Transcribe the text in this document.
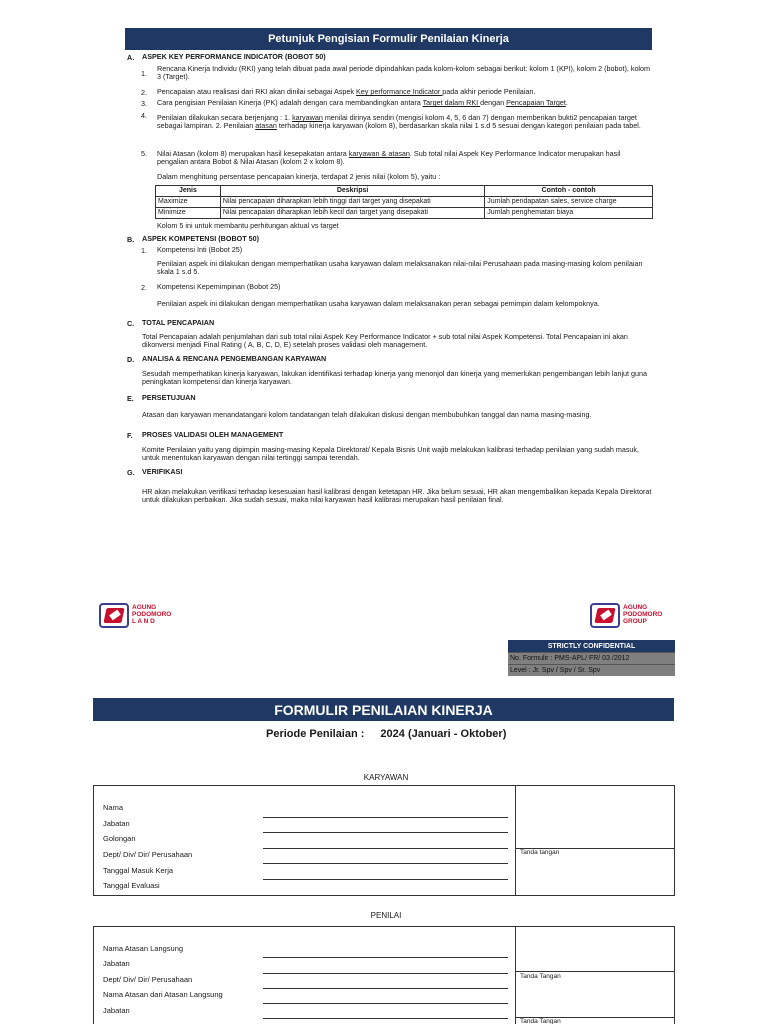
Petunjuk Pengisian Formulir Penilaian Kinerja
A. ASPEK KEY PERFORMANCE INDICATOR (BOBOT 50)
1.
Rencana Kinerja Individu (RKI) yang telah dibuat pada awal periode dipindahkan pada kolom-kolom sebagai berikut: kolom 1 (KPI), kolom 2 (bobot), kolom 3 (Target).
2. Pencapaian atau realisasi dari RKI akan dinilai sebagai Aspek Key performance Indicator pada akhir periode Penilaian.
3. Cara pengisian Penilaian Kinerja (PK) adalah dengan cara membandingkan antara Target dalam RKI dengan Pencapaian Target.
4. Penilaian dilakukan secara berjenjang : 1. karyawan menilai dirinya sendiri (mengisi kolom 4, 5, 6 dan 7) dengan memberikan bukti2 pencapaian target sebagai lampiran. 2. Penilaian atasan terhadap kinerja karyawan (kolom 8), berdasarkan skala nilai 1 s.d 5 sesuai dengan kategori penilaian pada tabel.
5. Nilai Atasan (kolom 8) merupakan hasil kesepakatan antara karyawan & atasan. Sub total nilai Aspek Key Performance Indicator merupakan hasil pengalian antara Bobot & Nilai Atasan (kolom 2 x kolom 8).
Dalam menghitung persentase pencapaian kinerja, terdapat 2 jenis nilai (kolom 5), yaitu :
Jenis	Deskripsi	Contoh - contoh
Maximize	Nilai pencapaian diharapkan lebih tinggi dari target yang disepakati	Jumlah pendapatan sales, service charge
Minimize	Nilai pencapaian diharapkan lebih kecil dari target yang disepakati	Jumlah penghematan biaya
Kolom 5 ini untuk membantu perhitungan aktual vs target
B. ASPEK KOMPETENSI (BOBOT 50)
1. Kompetensi Inti (Bobot 25)
Penilaian aspek ini dilakukan dengan memperhatikan usaha karyawan dalam melaksanakan nilai-nilai Perusahaan pada masing-masing kolom penilaian skala 1 s.d 5.
2. Kompetensi Kepemimpinan (Bobot 25)
Penilaian aspek ini dilakukan dengan memperhatikan usaha karyawan dalam melaksanakan peran sebagai pemimpin dalam kelompoknya.
C. TOTAL PENCAPAIAN
Total Pencapaian adalah penjumlahan dari sub total nilai Aspek Key Performance Indicator + sub total nilai Aspek Kompetensi. Total Pencapaian ini akan dikonversi menjadi Final Rating ( A, B, C, D, E) setelah proses validasi oleh management.
D. ANALISA & RENCANA PENGEMBANGAN KARYAWAN
Sesudah memperhatikan kinerja karyawan, lakukan identifikasi terhadap kinerja yang menonjol dan kinerja yang memerlukan pengembangan lebih lanjut guna peningkatan kompetensi dan kinerja karyawan.
E. PERSETUJUAN
Atasan dan karyawan menandatangani kolom tandatangan telah dilakukan diskusi dengan membubuhkan tanggal dan nama masing-masing.
F. PROSES VALIDASI OLEH MANAGEMENT
Komite Penilaian yaitu yang dipimpin masing-masing Kepala Direktorat/ Kepala Bisnis Unit wajib melakukan kalibrasi terhadap penilaian yang sudah masuk, untuk menentukan karyawan dengan nilai tertinggi sampai terendah.
G. VERIFIKASI
HR akan melakukan verifikasi terhadap kesesuaian hasil kalibrasi dengan ketetapan HR. Jika belum sesuai, HR akan mengembalikan kepada Kepala Direktorat untuk dilakukan perbaikan. Jika sudah sesuai, maka nilai karyawan hasil kalibrasi merupakan hasil penilaian final.
AGUNG
PODOMORO
L A N D
AGUNG
PODOMORO
GROUP
STRICTLY CONFIDENTIAL
No. Formulir : PMS-APL/ FR/ 03 /2012
Level : Jr. Spv / Spv / Sr. Spv
FORMULIR PENILAIAN KINERJA
Periode Penilaian : 2024 (Januari - Oktober)
KARYAWAN
Tanda tangan
Nama
Jabatan
Golongan
Dept/ Div/ Dir/ Perusahaan
Tanggal Masuk Kerja
Tanggal Evaluasi
PENILAI
Tanda Tangan
Tanda Tangan
Nama Atasan Langsung
Jabatan
Dept/ Div/ Dir/ Perusahaan
Nama Atasan dari Atasan Langsung
Jabatan
